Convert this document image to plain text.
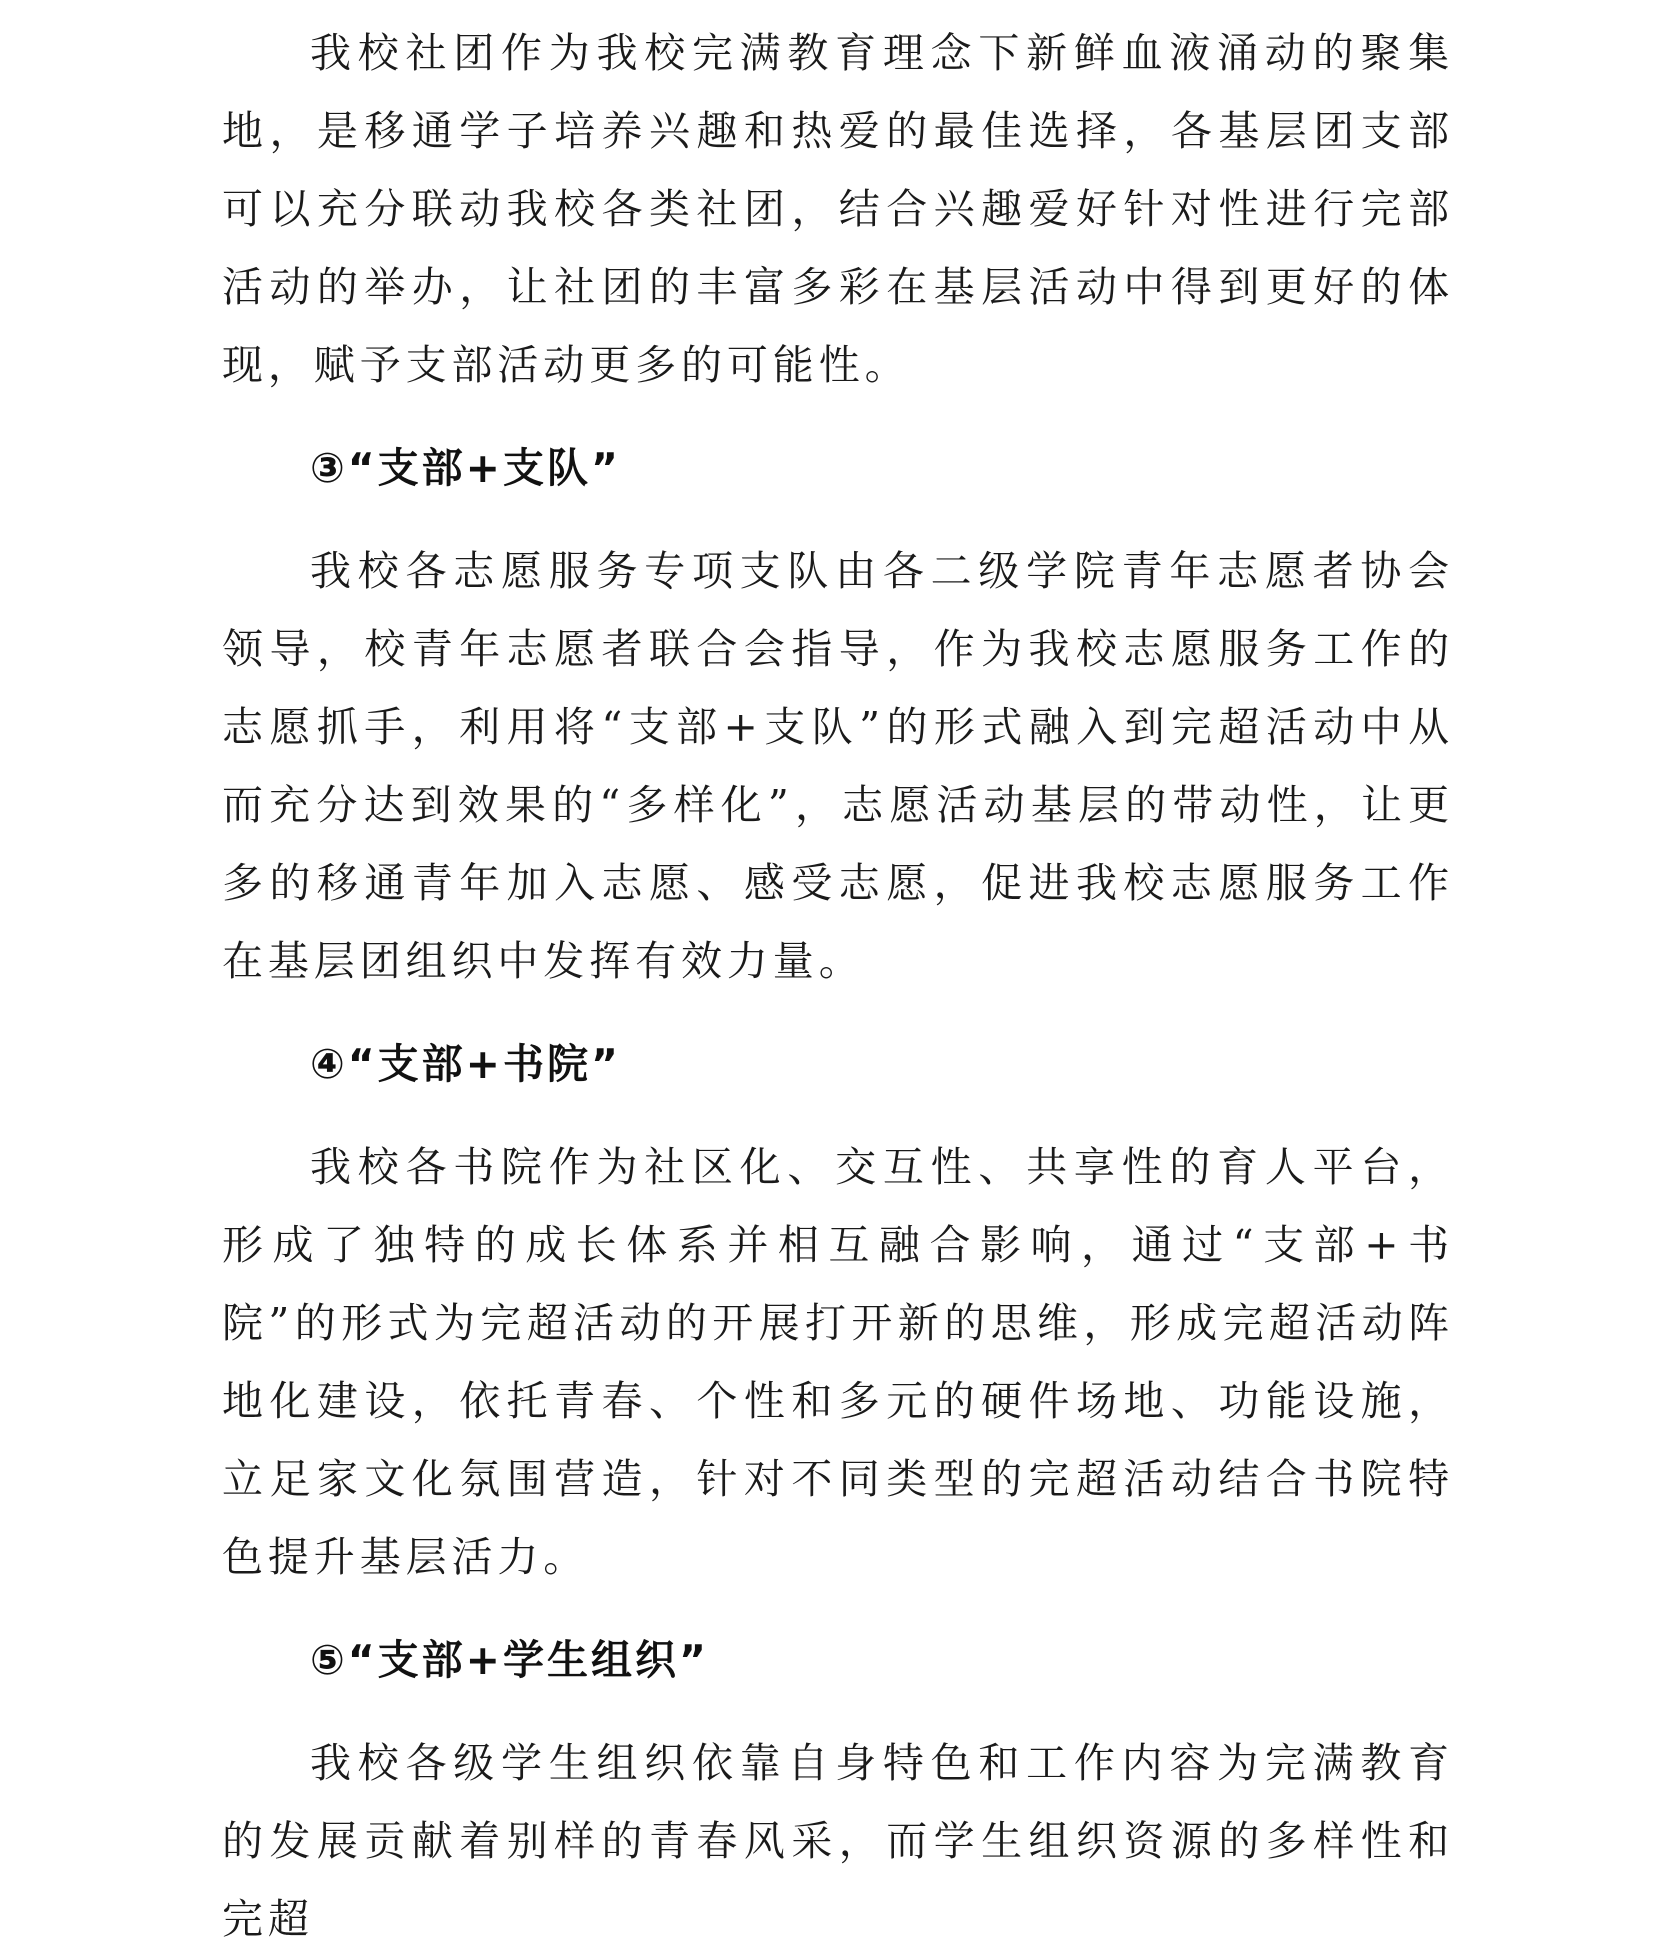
我校社团作为我校完满教育理念下新鲜血液涌动的聚集地，是移通学子培养兴趣和热爱的最佳选择，各基层团支部可以充分联动我校各类社团，结合兴趣爱好针对性进行完部活动的举办，让社团的丰富多彩在基层活动中得到更好的体现，赋予支部活动更多的可能性。

③“支部+支队”

我校各志愿服务专项支队由各二级学院青年志愿者协会领导，校青年志愿者联合会指导，作为我校志愿服务工作的志愿抓手，利用将“支部+支队”的形式融入到完超活动中从而充分达到效果的“多样化”，志愿活动基层的带动性，让更多的移通青年加入志愿、感受志愿，促进我校志愿服务工作在基层团组织中发挥有效力量。

④“支部+书院”

我校各书院作为社区化、交互性、共享性的育人平台，形成了独特的成长体系并相互融合影响，通过“支部+书院”的形式为完超活动的开展打开新的思维，形成完超活动阵地化建设，依托青春、个性和多元的硬件场地、功能设施，立足家文化氛围营造，针对不同类型的完超活动结合书院特色提升基层活力。

⑤“支部+学生组织”

我校各级学生组织依靠自身特色和工作内容为完满教育的发展贡献着别样的青春风采，而学生组织资源的多样性和完超
